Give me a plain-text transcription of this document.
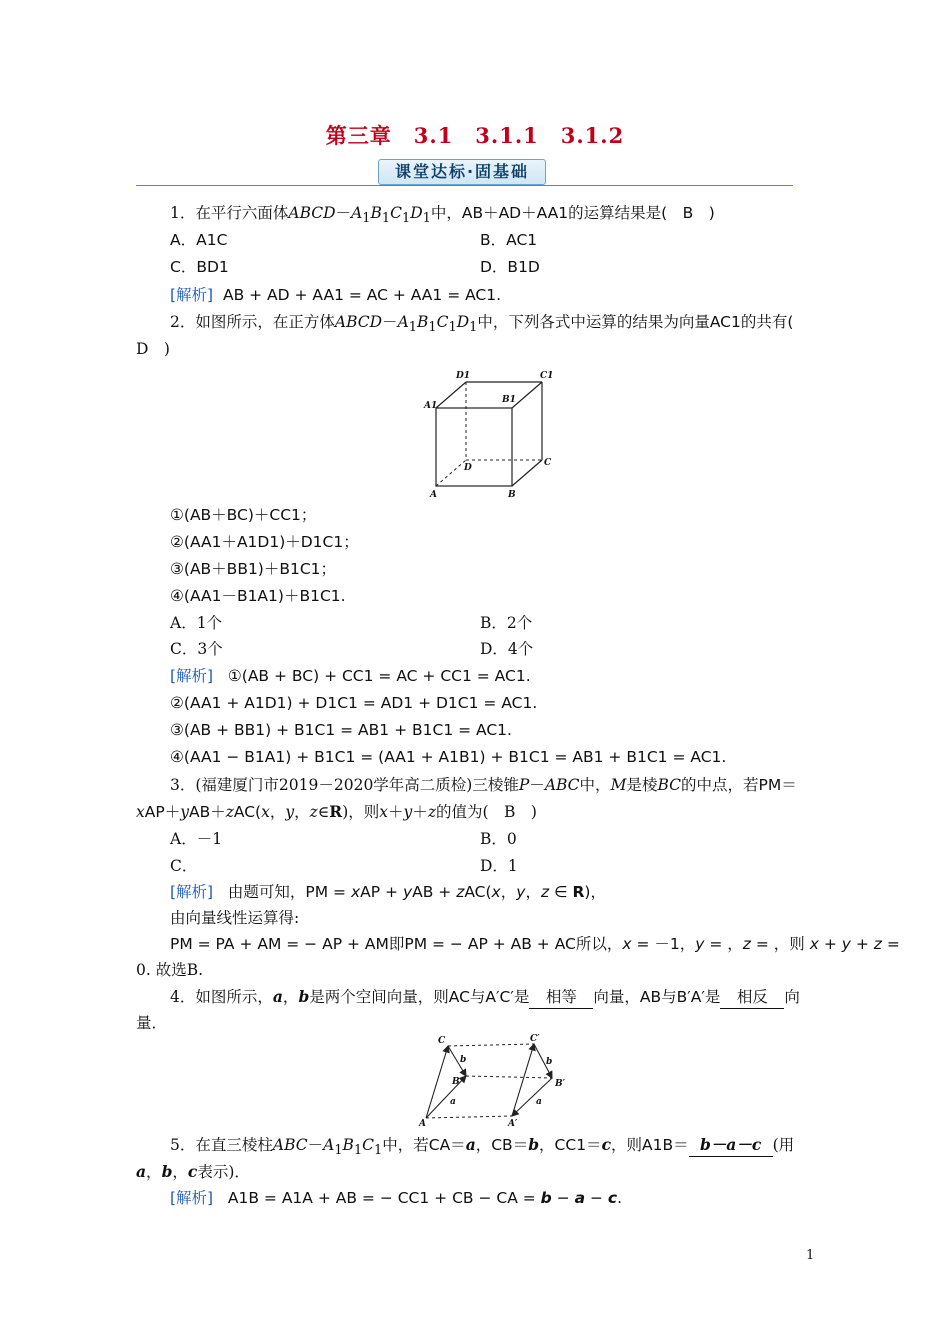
第三章　3.1　3.1.1　3.1.2
课堂达标·固基础
1．在平行六面体$ABCD-A_1B_1C_1D_1$中，AB＋AD＋AA1的运算结果是(　B　)
A．A1C	B．AC1
C．BD1	D．B1D
[解析] AB + AD + AA1 = AC + AA1 = AC1.
2．如图所示，在正方体$ABCD-A_1B_1C_1D_1$中，下列各式中运算的结果为向量AC1的共有(
D　)
D1	C1
A1
B1
D	C
A	B
①(AB＋BC)＋CC1；
②(AA1＋A1D1)＋D1C1；
③(AB＋BB1)＋B1C1；
④(AA1－B1A1)＋B1C1.
A．1个	B．2个
C．3个	D．4个
[解析] ①(AB + BC) + CC1 = AC + CC1 = AC1.
②(AA1 + A1D1) + D1C1 = AD1 + D1C1 = AC1.
③(AB + BB1) + B1C1 = AB1 + B1C1 = AC1.
④(AA1 − B1A1) + B1C1 = (AA1 + A1B1) + B1C1 = AB1 + B1C1 = AC1.
3．(福建厦门市2019－2020学年高二质检)三棱锥P－ABC中，M是棱BC的中点，若PM＝
xAP＋yAB＋zAC(x，y，z∈R)，则x＋y＋z的值为(　B　)
A．－1	B．0
C．	D．1
[解析] 由题可知，PM = xAP + yAB + zAC(x，y，z ∈ R)，
由向量线性运算得:
PM = PA + AM = − AP + AM即PM = − AP + AB + AC所以，x = －1，y = ，z = ，则 x + y + z =
0. 故选B.
4．如图所示，a，b是两个空间向量，则AC与A′C′是 相等 向量，AB与B′A′是 相反 向
量．
C	C′
b	b
B	B′
a	a
A	A′
5．在直三棱柱$ABC-A_1B_1C_1$中，若CA＝a，CB＝b，CC1＝c，则A1B＝ b－a－c (用
a，b，c表示)．
[解析] A1B = A1A + AB = − CC1 + CB − CA = b − a − c.
1
